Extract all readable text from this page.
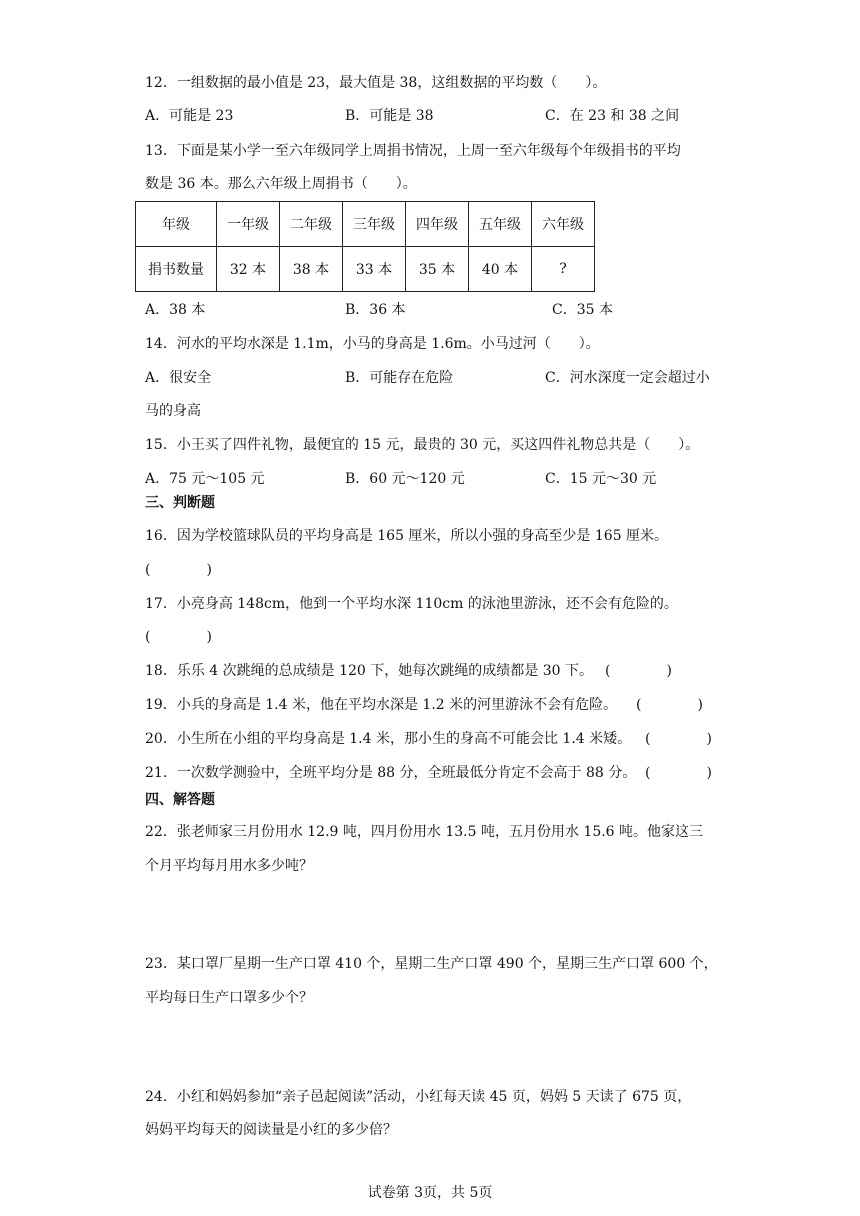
12．一组数据的最小值是 23，最大值是 38，这组数据的平均数（　　）。
A．可能是 23	B．可能是 38	C．在 23 和 38 之间
13．下面是某小学一至六年级同学上周捐书情况，上周一至六年级每个年级捐书的平均
数是 36 本。那么六年级上周捐书（　　）。
年级	一年级	二年级	三年级	四年级	五年级	六年级
捐书数量	32 本	38 本	33 本	35 本	40 本	?
A．38 本	B．36 本	C．35 本
14．河水的平均水深是 1.1m，小马的身高是 1.6m。小马过河（　　）。
A．很安全	B．可能存在危险	C．河水深度一定会超过小
马的身高
15．小王买了四件礼物，最便宜的 15 元，最贵的 30 元，买这四件礼物总共是（　　）。
A．75 元～105 元	B．60 元～120 元	C．15 元～30 元
三、判断题
16．因为学校篮球队员的平均身高是 165 厘米，所以小强的身高至少是 165 厘米。
(　　　　)
17．小亮身高 148cm，他到一个平均水深 110cm 的泳池里游泳，还不会有危险的。
(　　　　)
18．乐乐 4 次跳绳的总成绩是 120 下，她每次跳绳的成绩都是 30 下。 (　　　　)
19．小兵的身高是 1.4 米，他在平均水深是 1.2 米的河里游泳不会有危险。 (　　　　)
20．小生所在小组的平均身高是 1.4 米，那小生的身高不可能会比 1.4 米矮。 (　　　　)
21．一次数学测验中，全班平均分是 88 分，全班最低分肯定不会高于 88 分。 (　　　　)
四、解答题
22．张老师家三月份用水 12.9 吨，四月份用水 13.5 吨，五月份用水 15.6 吨。他家这三
个月平均每月用水多少吨？
23．某口罩厂星期一生产口罩 410 个，星期二生产口罩 490 个，星期三生产口罩 600 个，
平均每日生产口罩多少个？
24．小红和妈妈参加“亲子邑起阅读”活动，小红每天读 45 页，妈妈 5 天读了 675 页，
妈妈平均每天的阅读量是小红的多少倍？
试卷第 3页，共 5页
